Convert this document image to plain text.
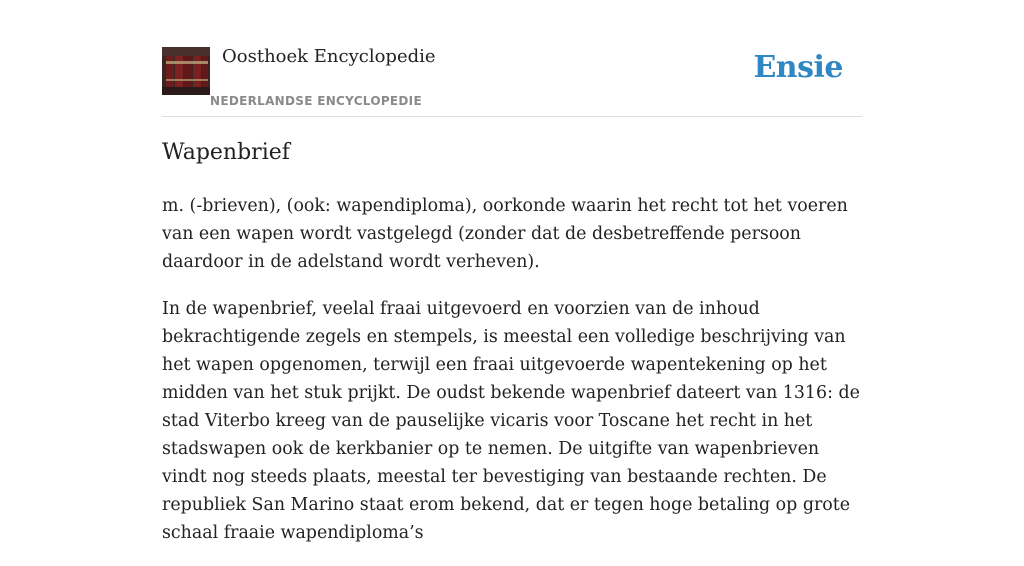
Oosthoek Encyclopedie
NEDERLANDSE ENCYCLOPEDIE
Ensie
Wapenbrief

m. (-brieven), (ook: wapendiploma), oorkonde waarin het recht tot het voeren van een wapen wordt vastgelegd (zonder dat de desbetreffende persoon daardoor in de adelstand wordt verheven).

In de wapenbrief, veelal fraai uitgevoerd en voorzien van de inhoud bekrachtigende zegels en stempels, is meestal een volledige beschrijving van het wapen opgenomen, terwijl een fraai uitgevoerde wapentekening op het midden van het stuk prijkt. De oudst bekende wapenbrief dateert van 1316: de stad Viterbo kreeg van de pauselijke vicaris voor Toscane het recht in het stadswapen ook de kerkbanier op te nemen. De uitgifte van wapenbrieven vindt nog steeds plaats, meestal ter bevestiging van bestaande rechten. De republiek San Marino staat erom bekend, dat er tegen hoge betaling op grote schaal fraaie wapendiploma’s
